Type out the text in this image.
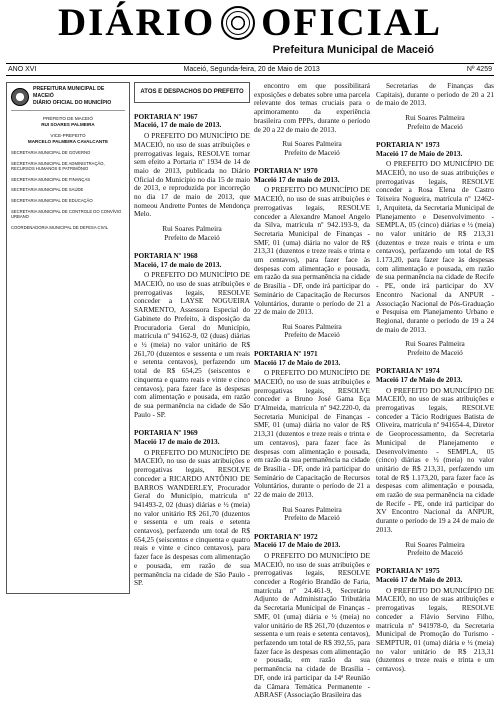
DIÁRIO OFICIAL
Prefeitura Municipal de Maceió
ANO XVI	Maceió, Segunda-feira, 20 de Maio de 2013	Nº 4259
PREFEITURA MUNICIPAL DE MACEIÓ
DIÁRIO OFICIAL DO MUNICÍPIO
PREFEITO DE MACEIÓ
RUI SOARES PALMEIRA
VICE-PREFEITO
MARCELO PALMEIRA CAVALCANTE
SECRETARIA MUNICIPAL DE GOVERNO
SECRETARIA MUNICIPAL DE ADMINISTRAÇÃO, RECURSOS HUMANOS E PATRIMÔNIO
SECRETARIA MUNICIPAL DE FINANÇAS
SECRETARIA MUNICIPAL DE SAÚDE
SECRETARIA MUNICIPAL DE EDUCAÇÃO
SECRETARIA MUNICIPAL DE CONTROLE DO CONVÍVIO URBANO
COORDENADORIA MUNICIPAL DE DEFESA CIVIL
ATOS E DESPACHOS DO PREFEITO
PORTARIA Nº 1967
Maceió, 17 de maio de 2013.

O PREFEITO DO MUNICÍPIO DE MACEIÓ, no uso de suas atribuições e prerrogativas legais, RESOLVE tornar sem efeito a Portaria nº 1934 de 14 de maio de 2013, publicada no Diário Oficial do Município no dia 15 de maio de 2013, e reproduzida por incorreção no dia 17 de maio de 2013, que nomeou Andrette Pontes de Mendonça Melo.

Rui Soares Palmeira
Prefeito de Maceió
PORTARIA Nº 1968
Maceió, 17 de maio de 2013.

O PREFEITO DO MUNICÍPIO DE MACEIÓ, no uso de suas atribuições e prerrogativas legais, RESOLVE conceder a LAYSE NOGUEIRA SARMENTO, Assessora Especial do Gabinete do Prefeito, à disposição da Procuradoria Geral do Município, matrícula nº 94162-9, 02 (duas) diárias e ½ (meia) no valor unitário de R$ 261,70 (duzentos e sessenta e um reais e setenta centavos), perfazendo um total de R$ 654,25 (seiscentos e cinquenta e quatro reais e vinte e cinco centavos), para fazer face às despesas com alimentação e pousada, em razão de sua permanência na cidade de São Paulo - SP.

PORTARIA Nº 1969
Maceió 17 de maio de 2013.

O PREFEITO DO MUNICÍPIO DE MACEIÓ, no uso de suas atribuições e prerrogativas legais, RESOLVE conceder a RICARDO ANTÔNIO DE BARROS WANDERLEY, Procurador Geral do Município, matrícula nº 941493-2, 02 (duas) diárias e ½ (meia) no valor unitário R$ 261,70 (duzentos e sessenta e um reais e setenta centavos), perfazendo um total de R$ 654,25 (seiscentos e cinquenta e quatro reais e vinte e cinco centavos), para fazer face às despesas com alimentação e pousada, em razão de sua permanência na cidade de São Paulo - SP.

encontro em que possibilitará exposições e debates sobre uma parcela relevante dos temas cruciais para o aprimoramento da experiência brasileira com PPPs, durante o período de 20 a 22 de maio de 2013.

Rui Soares Palmeira
Prefeito de Maceió
PORTARIA Nº 1970
Maceió 17 de maio de 2013.

O PREFEITO DO MUNICÍPIO DE MACEIÓ, no uso de suas atribuições e prerrogativas legais, RESOLVE conceder a Alexandre Manoel Angelo da Silva, matrícula nº 942.193-9, da Secretaria Municipal de Finanças - SMF, 01 (uma) diária no valor de R$ 213,31 (duzentos e treze reais e trinta e um centavos), para fazer face às despesas com alimentação e pousada, em razão da sua permanência na cidade de Brasília - DF, onde irá participar do Seminário de Capacitação de Recursos Voluntários, durante o período de 21 a 22 de maio de 2013.

Rui Soares Palmeira
Prefeito de Maceió
PORTARIA Nº 1971
Maceió 17 de Maio de 2013.

O PREFEITO DO MUNICÍPIO DE MACEIÓ, no uso de suas atribuições e prerrogativas legais, RESOLVE conceder a Bruno José Gama Eça D'Almeida, matrícula nº 942.220-0, da Secretaria Municipal de Finanças - SMF, 01 (uma) diária no valor de R$ 213,31 (duzentos e treze reais e trinta e um centavos), para fazer face às despesas com alimentação e pousada, em razão da sua permanência na cidade de Brasília - DF, onde irá participar do Seminário de Capacitação de Recursos Voluntários, durante o período de 21 a 22 de maio de 2013.

Rui Soares Palmeira
Prefeito de Maceió
PORTARIA Nº 1972
Maceió 17 de Maio de 2013.

O PREFEITO DO MUNICÍPIO DE MACEIÓ, no uso de suas atribuições e prerrogativas legais, RESOLVE conceder a Rogério Brandão de Faria, matrícula nº 24.461-9, Secretário Adjunto de Administração Tributária da Secretaria Municipal de Finanças - SMF, 01 (uma) diária e ½ (meia) no valor unitário de R$ 261,70 (duzentos e sessenta e um reais e setenta centavos), perfazendo um total de R$ 392,55, para fazer face às despesas com alimentação e pousada, em razão da sua permanência na cidade de Brasília - DF, onde irá participar da 14ª Reunião da Câmara Temática Permanente - ABRASF (Associação Brasileira das

Secretarias de Finanças das Capitais), durante o período de 20 a 21 de maio de 2013.

Rui Soares Palmeira
Prefeito de Maceió
PORTARIA Nº 1973
Maceió 17 de Maio de 2013.

O PREFEITO DO MUNICÍPIO DE MACEIÓ, no uso de suas atribuições e prerrogativas legais, RESOLVE conceder a Rosa Elena de Castro Teixeira Nogueira, matrícula nº 12462-1, Arquiteta, da Secretaria Municipal de Planejamento e Desenvolvimento - SEMPLA, 05 (cinco) diárias e ½ (meia) no valor unitário de R$ 213,31 (duzentos e treze reais e trinta e um centavos), perfazendo um total de R$ 1.173,20, para fazer face às despesas com alimentação e pousada, em razão de sua permanência na cidade de Recife - PE, onde irá participar do XV Encontro Nacional da ANPUR - Associação Nacional de Pós-Graduação e Pesquisa em Planejamento Urbano e Regional, durante o período de 19 a 24 de maio de 2013.

Rui Soares Palmeira
Prefeito de Maceió
PORTARIA Nº 1974
Maceió 17 de Maio de 2013.

O PREFEITO DO MUNICÍPIO DE MACEIÓ, no uso de suas atribuições e prerrogativas legais, RESOLVE conceder a Tácio Rodrigues Batista de Oliveira, matrícula nº 941654-4, Diretor de Geoprocessamento, da Secretaria Municipal de Planejamento e Desenvolvimento - SEMPLA, 05 (cinco) diárias e ½ (meia) no valor unitário de R$ 213,31, perfazendo um total de R$ 1.173,20, para fazer face às despesas com alimentação e pousada, em razão de sua permanência na cidade de Recife - PE, onde irá participar do XV Encontro Nacional da ANPUR, durante o período de 19 a 24 de maio de 2013.

Rui Soares Palmeira
Prefeito de Maceió
PORTARIA Nº 1975
Maceió 17 de Maio de 2013.

O PREFEITO DO MUNICÍPIO DE MACEIÓ, no uso de suas atribuições e prerrogativas legais, RESOLVE conceder a Flávio Servino Filho, matrícula nº 941978-0, da Secretaria Municipal de Promoção do Turismo - SEMPTUR, 01 (uma) diária e ½ (meia) no valor unitário de R$ 213,31 (duzentos e treze reais e trinta e um centavos).
